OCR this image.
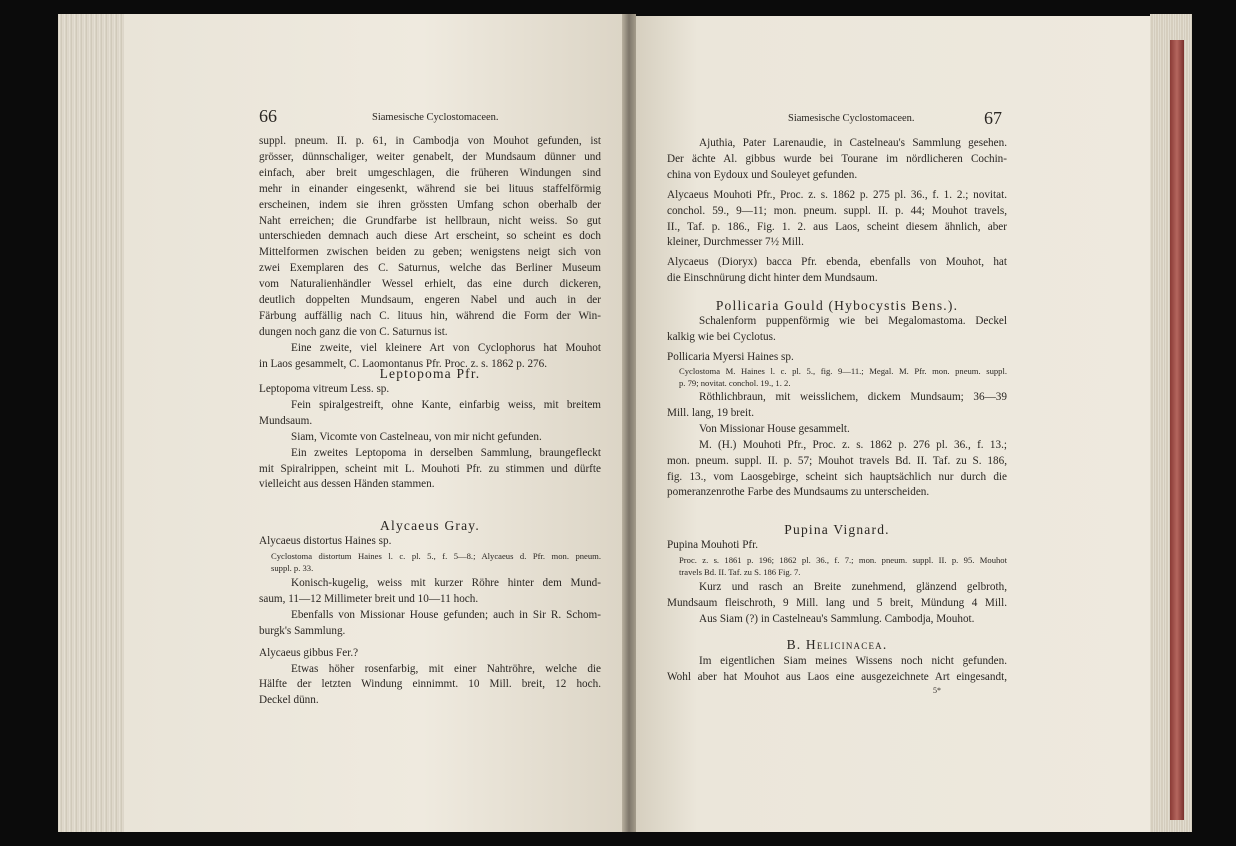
66	Siamesische Cyclostomaceen.
suppl. pneum. II. p. 61, in Cambodja von Mouhot gefunden, ist
grösser, dünnschaliger, weiter genabelt, der Mundsaum dünner und
einfach, aber breit umgeschlagen, die früheren Windungen sind
mehr in einander eingesenkt, während sie bei lituus staffelförmig
erscheinen, indem sie ihren grössten Umfang schon oberhalb der
Naht erreichen; die Grundfarbe ist hellbraun, nicht weiss. So gut
unterschieden demnach auch diese Art erscheint, so scheint es doch
Mittelformen zwischen beiden zu geben; wenigstens neigt sich von
zwei Exemplaren des C. Saturnus, welche das Berliner Museum
vom Naturalienhändler Wessel erhielt, das eine durch dickeren,
deutlich doppelten Mundsaum, engeren Nabel und auch in der
Färbung auffällig nach C. lituus hin, während die Form der Win-
dungen noch ganz die von C. Saturnus ist.
Eine zweite, viel kleinere Art von Cyclophorus hat Mouhot
in Laos gesammelt, C. Laomontanus Pfr. Proc. z. s. 1862 p. 276.
Leptopoma Pfr.
Leptopoma vitreum Less. sp.
Fein spiralgestreift, ohne Kante, einfarbig weiss, mit breitem
Mundsaum.
Siam, Vicomte von Castelneau, von mir nicht gefunden.
Ein zweites Leptopoma in derselben Sammlung, braungefleckt
mit Spiralrippen, scheint mit L. Mouhoti Pfr. zu stimmen und dürfte
vielleicht aus dessen Händen stammen.
Alycaeus Gray.
Alycaeus distortus Haines sp.
Cyclostoma distortum Haines l. c. pl. 5., f. 5—8.; Alycaeus d. Pfr. mon. pneum.
suppl. p. 33.
Konisch-kugelig, weiss mit kurzer Röhre hinter dem Mund-
saum, 11—12 Millimeter breit und 10—11 hoch.
Ebenfalls von Missionar House gefunden; auch in Sir R. Schom-
burgk's Sammlung.
Alycaeus gibbus Fer.?
Etwas höher rosenfarbig, mit einer Nahtröhre, welche die
Hälfte der letzten Windung einnimmt. 10 Mill. breit, 12 hoch.
Deckel dünn.
Siamesische Cyclostomaceen.	67
Ajuthia, Pater Larenaudie, in Castelneau's Sammlung gesehen.
Der ächte Al. gibbus wurde bei Tourane im nördlicheren Cochin-
china von Eydoux und Souleyet gefunden.
Alycaeus Mouhoti Pfr., Proc. z. s. 1862 p. 275 pl. 36., f. 1. 2.; novitat.
conchol. 59., 9—11; mon. pneum. suppl. II. p. 44; Mouhot travels,
II., Taf. p. 186., Fig. 1. 2. aus Laos, scheint diesem ähnlich, aber
kleiner, Durchmesser 7½ Mill.
Alycaeus (Dioryx) bacca Pfr. ebenda, ebenfalls von Mouhot, hat
die Einschnürung dicht hinter dem Mundsaum.
Pollicaria Gould (Hybocystis Bens.).
Schalenform puppenförmig wie bei Megalomastoma. Deckel
kalkig wie bei Cyclotus.
Pollicaria Myersi Haines sp.
Cyclostoma M. Haines l. c. pl. 5., fig. 9—11.; Megal. M. Pfr. mon. pneum. suppl.
p. 79; novitat. conchol. 19., 1. 2.
Röthlichbraun, mit weisslichem, dickem Mundsaum; 36—39
Mill. lang, 19 breit.
Von Missionar House gesammelt.
M. (H.) Mouhoti Pfr., Proc. z. s. 1862 p. 276 pl. 36., f. 13.;
mon. pneum. suppl. II. p. 57; Mouhot travels Bd. II. Taf. zu S. 186,
fig. 13., vom Laosgebirge, scheint sich hauptsächlich nur durch die
pomeranzenrothe Farbe des Mundsaums zu unterscheiden.
Pupina Vignard.
Pupina Mouhoti Pfr.
Proc. z. s. 1861 p. 196; 1862 pl. 36., f. 7.; mon. pneum. suppl. II. p. 95. Mouhot
travels Bd. II. Taf. zu S. 186 Fig. 7.
Kurz und rasch an Breite zunehmend, glänzend gelbroth,
Mundsaum fleischroth, 9 Mill. lang und 5 breit, Mündung 4 Mill.
Aus Siam (?) in Castelneau's Sammlung. Cambodja, Mouhot.
B. Helicinacea.
Im eigentlichen Siam meines Wissens noch nicht gefunden.
Wohl aber hat Mouhot aus Laos eine ausgezeichnete Art eingesandt,
5*
